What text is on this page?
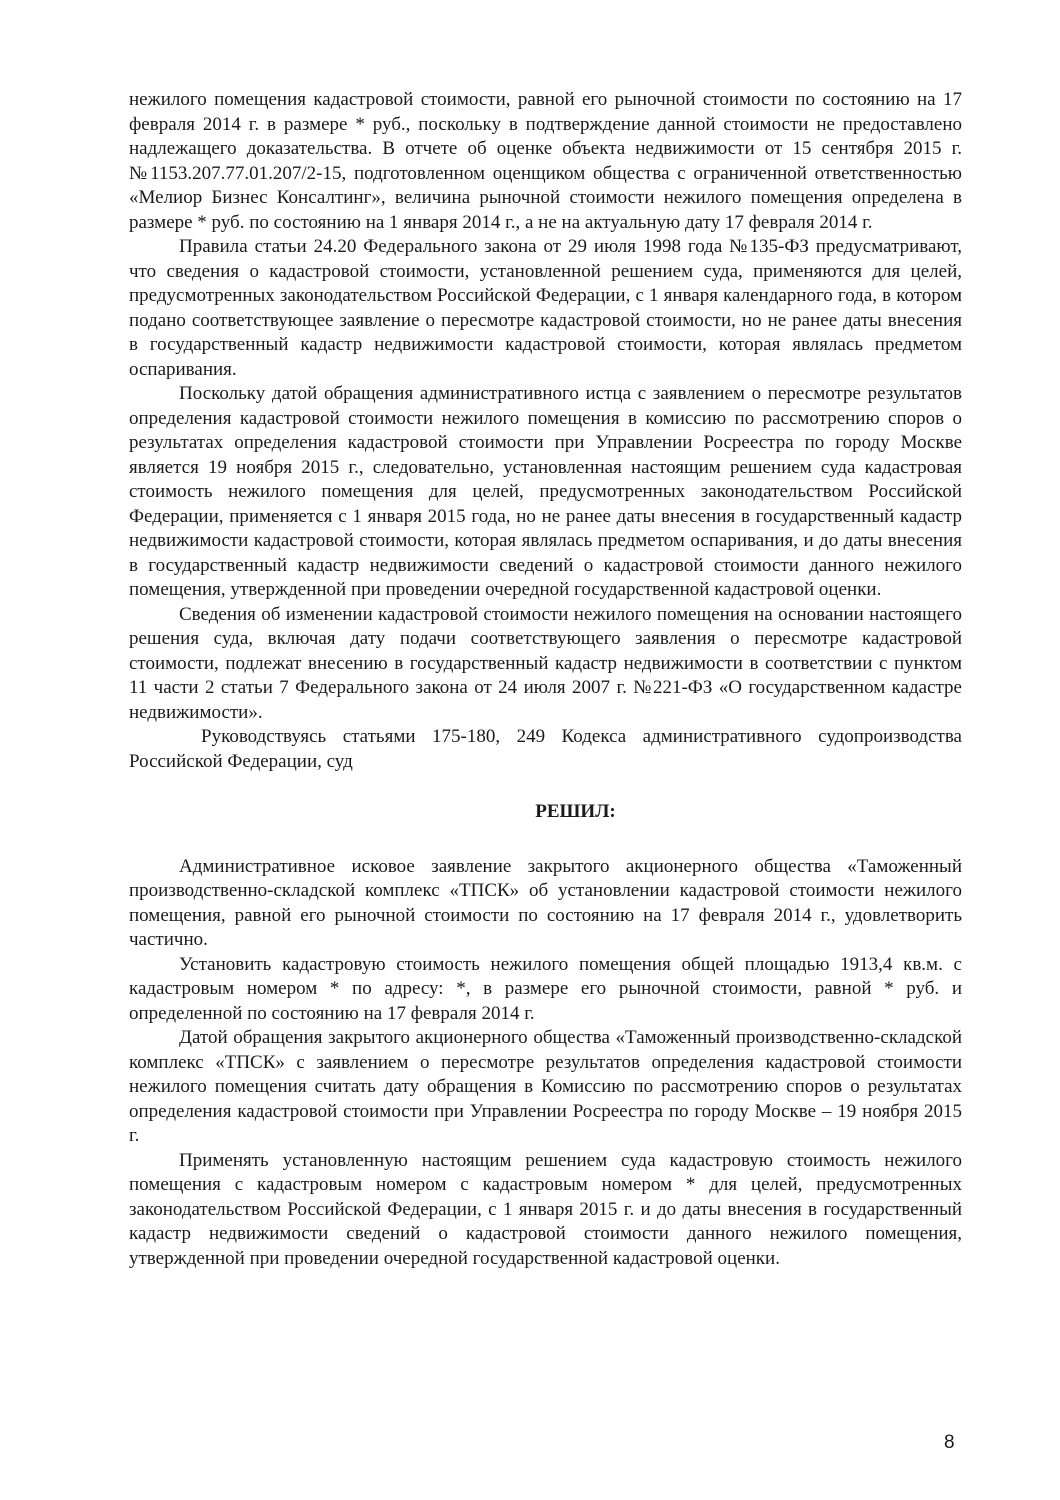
нежилого помещения кадастровой стоимости, равной его рыночной стоимости по состоянию на 17 февраля 2014 г. в размере * руб., поскольку в подтверждение данной стоимости не предоставлено надлежащего доказательства. В отчете об оценке объекта недвижимости от 15 сентября 2015 г. №1153.207.77.01.207/2-15, подготовленном оценщиком общества с ограниченной ответственностью «Мелиор Бизнес Консалтинг», величина рыночной стоимости нежилого помещения определена в размере * руб. по состоянию на 1 января 2014 г., а не на актуальную дату 17 февраля 2014 г.

Правила статьи 24.20 Федерального закона от 29 июля 1998 года №135-ФЗ предусматривают, что сведения о кадастровой стоимости, установленной решением суда, применяются для целей, предусмотренных законодательством Российской Федерации, с 1 января календарного года, в котором подано соответствующее заявление о пересмотре кадастровой стоимости, но не ранее даты внесения в государственный кадастр недвижимости кадастровой стоимости, которая являлась предметом оспаривания.

Поскольку датой обращения административного истца с заявлением о пересмотре результатов определения кадастровой стоимости нежилого помещения в комиссию по рассмотрению споров о результатах определения кадастровой стоимости при Управлении Росреестра по городу Москве является 19 ноября 2015 г., следовательно, установленная настоящим решением суда кадастровая стоимость нежилого помещения для целей, предусмотренных законодательством Российской Федерации, применяется с 1 января 2015 года, но не ранее даты внесения в государственный кадастр недвижимости кадастровой стоимости, которая являлась предметом оспаривания, и до даты внесения в государственный кадастр недвижимости сведений о кадастровой стоимости данного нежилого помещения, утвержденной при проведении очередной государственной кадастровой оценки.

Сведения об изменении кадастровой стоимости нежилого помещения на основании настоящего решения суда, включая дату подачи соответствующего заявления о пересмотре кадастровой стоимости, подлежат внесению в государственный кадастр недвижимости в соответствии с пунктом 11 части 2 статьи 7 Федерального закона от 24 июля 2007 г. №221-ФЗ «О государственном кадастре недвижимости».

Руководствуясь статьями 175-180, 249 Кодекса административного судопроизводства Российской Федерации, суд

РЕШИЛ:

Административное исковое заявление закрытого акционерного общества «Таможенный производственно-складской комплекс «ТПСК» об установлении кадастровой стоимости нежилого помещения, равной его рыночной стоимости по состоянию на 17 февраля 2014 г., удовлетворить частично.

Установить кадастровую стоимость нежилого помещения общей площадью 1913,4 кв.м. с кадастровым номером * по адресу: *, в размере его рыночной стоимости, равной * руб. и определенной по состоянию на 17 февраля 2014 г.

Датой обращения закрытого акционерного общества «Таможенный производственно-складской комплекс «ТПСК» с заявлением о пересмотре результатов определения кадастровой стоимости нежилого помещения считать дату обращения в Комиссию по рассмотрению споров о результатах определения кадастровой стоимости при Управлении Росреестра по городу Москве – 19 ноября 2015 г.

Применять установленную настоящим решением суда кадастровую стоимость нежилого помещения с кадастровым номером с кадастровым номером * для целей, предусмотренных законодательством Российской Федерации, с 1 января 2015 г. и до даты внесения в государственный кадастр недвижимости сведений о кадастровой стоимости данного нежилого помещения, утвержденной при проведении очередной государственной кадастровой оценки.

8
